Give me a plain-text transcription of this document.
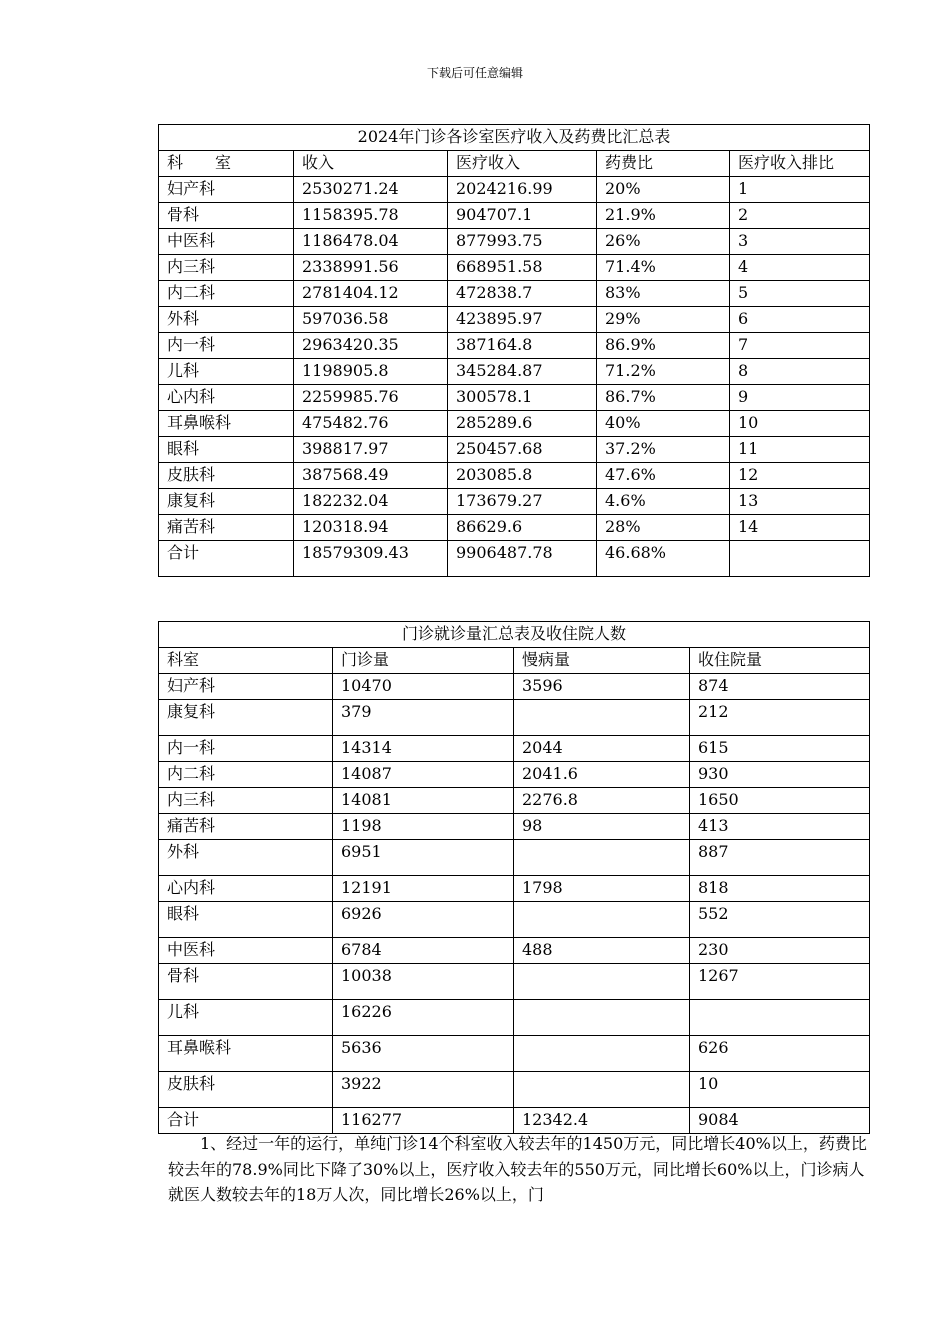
下载后可任意编辑
2024年门诊各诊室医疗收入及药费比汇总表				
科　　室	收入	医疗收入	药费比	医疗收入排比
妇产科	2530271.24	2024216.99	20%	1
骨科	1158395.78	904707.1	21.9%	2
中医科	1186478.04	877993.75	26%	3
内三科	2338991.56	668951.58	71.4%	4
内二科	2781404.12	472838.7	83%	5
外科	597036.58	423895.97	29%	6
内一科	2963420.35	387164.8	86.9%	7
儿科	1198905.8	345284.87	71.2%	8
心内科	2259985.76	300578.1	86.7%	9
耳鼻喉科	475482.76	285289.6	40%	10
眼科	398817.97	250457.68	37.2%	11
皮肤科	387568.49	203085.8	47.6%	12
康复科	182232.04	173679.27	4.6%	13
痛苦科	120318.94	86629.6	28%	14
合计	18579309.43	9906487.78	46.68%	
门诊就诊量汇总表及收住院人数			
科室	门诊量	慢病量	收住院量
妇产科	10470	3596	874
康复科	379		212
内一科	14314	2044	615
内二科	14087	2041.6	930
内三科	14081	2276.8	1650
痛苦科	1198	98	413
外科	6951		887
心内科	12191	1798	818
眼科	6926		552
中医科	6784	488	230
骨科	10038		1267
儿科	16226		
耳鼻喉科	5636		626
皮肤科	3922		10
合计	116277	12342.4	9084

1、经过一年的运行，单纯门诊14个科室收入较去年的1450万元，同比增长40%以上，药费比较去年的78.9%同比下降了30%以上，医疗收入较去年的550万元，同比增长60%以上，门诊病人就医人数较去年的18万人次，同比增长26%以上，门
